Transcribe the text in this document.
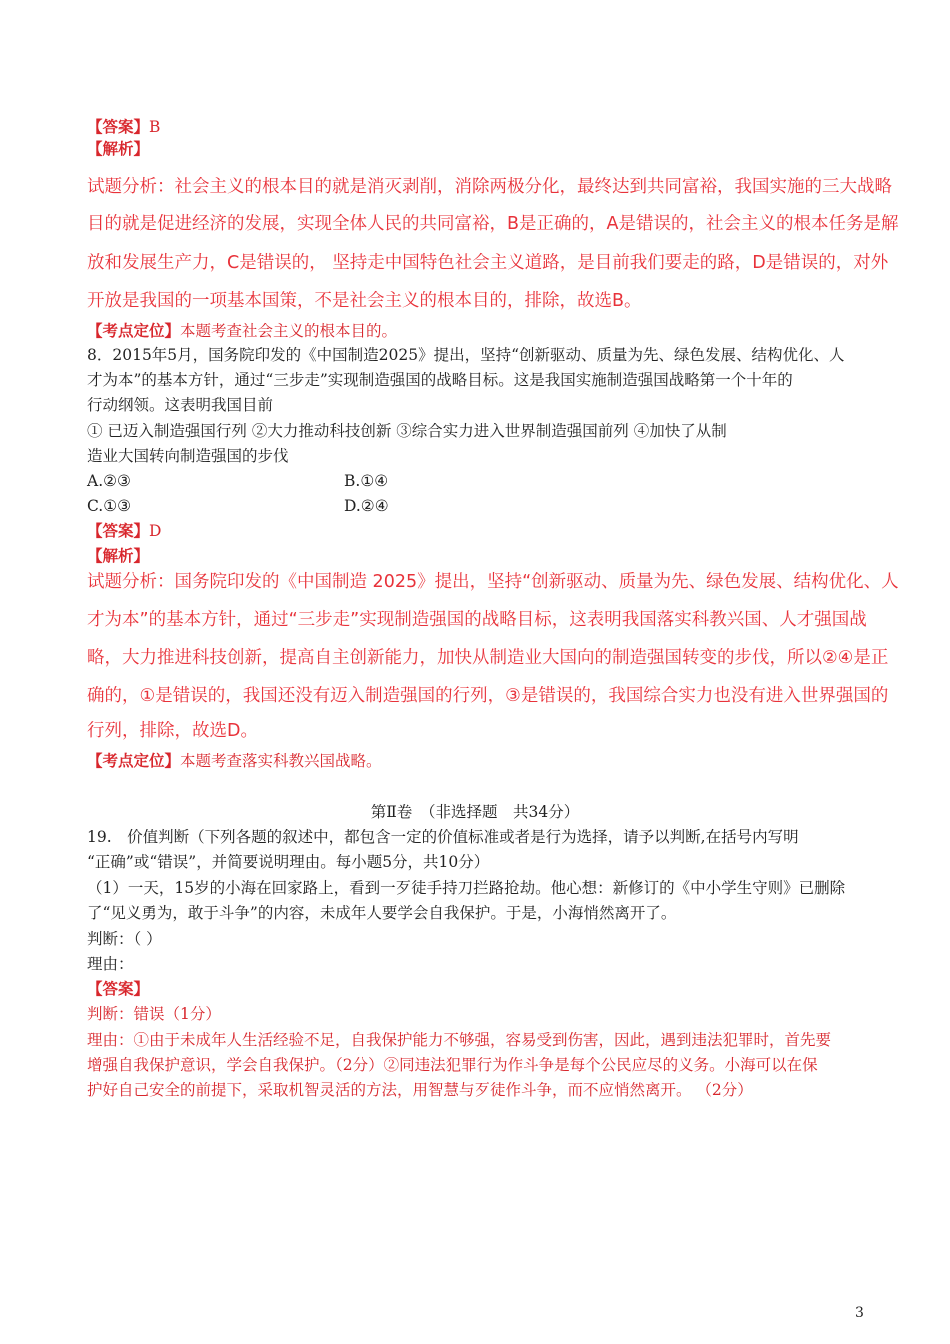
【答案】B
【解析】
试题分析：社会主义的根本目的就是消灭剥削，消除两极分化，最终达到共同富裕，我国实施的三大战略
目的就是促进经济的发展，实现全体人民的共同富裕，B是正确的，A是错误的，社会主义的根本任务是解
放和发展生产力，C是错误的， 坚持走中国特色社会主义道路，是目前我们要走的路，D是错误的，对外
开放是我国的一项基本国策，不是社会主义的根本目的，排除，故选B。
【考点定位】本题考查社会主义的根本目的。
8．2015年5月，国务院印发的《中国制造2025》提出，坚持“创新驱动、质量为先、绿色发展、结构优化、人
才为本”的基本方针，通过“三步走”实现制造强国的战略目标。这是我国实施制造强国战略第一个十年的
行动纲领。这表明我国目前
① 已迈入制造强国行列 ②大力推动科技创新 ③综合实力进入世界制造强国前列 ④加快了从制
造业大国转向制造强国的步伐
A.②③	B.①④
C.①③	D.②④
【答案】D
【解析】
试题分析：国务院印发的《中国制造 2025》提出，坚持“创新驱动、质量为先、绿色发展、结构优化、人
才为本”的基本方针，通过“三步走”实现制造强国的战略目标，这表明我国落实科教兴国、人才强国战
略，大力推进科技创新，提高自主创新能力，加快从制造业大国向的制造强国转变的步伐，所以②④是正
确的，①是错误的，我国还没有迈入制造强国的行列，③是错误的，我国综合实力也没有进入世界强国的
行列，排除，故选D。
【考点定位】本题考查落实科教兴国战略。
第Ⅱ卷　（非选择题　共34分）
19.　价值判断（下列各题的叙述中，都包含一定的价值标准或者是行为选择，请予以判断,在括号内写明
“正确”或“错误”，并简要说明理由。每小题5分，共10分）
（1）一天，15岁的小海在回家路上，看到一歹徒手持刀拦路抢劫。他心想：新修订的《中小学生守则》已删除
了“见义勇为，敢于斗争”的内容，未成年人要学会自我保护。于是，小海悄然离开了。
判断：（ ）
理由：
【答案】
判断：错误（1分）
理由：①由于未成年人生活经验不足，自我保护能力不够强，容易受到伤害，因此，遇到违法犯罪时，首先要
增强自我保护意识，学会自我保护。（2分）②同违法犯罪行为作斗争是每个公民应尽的义务。小海可以在保
护好自己安全的前提下，采取机智灵活的方法，用智慧与歹徒作斗争，而不应悄然离开。 （2分）
3
